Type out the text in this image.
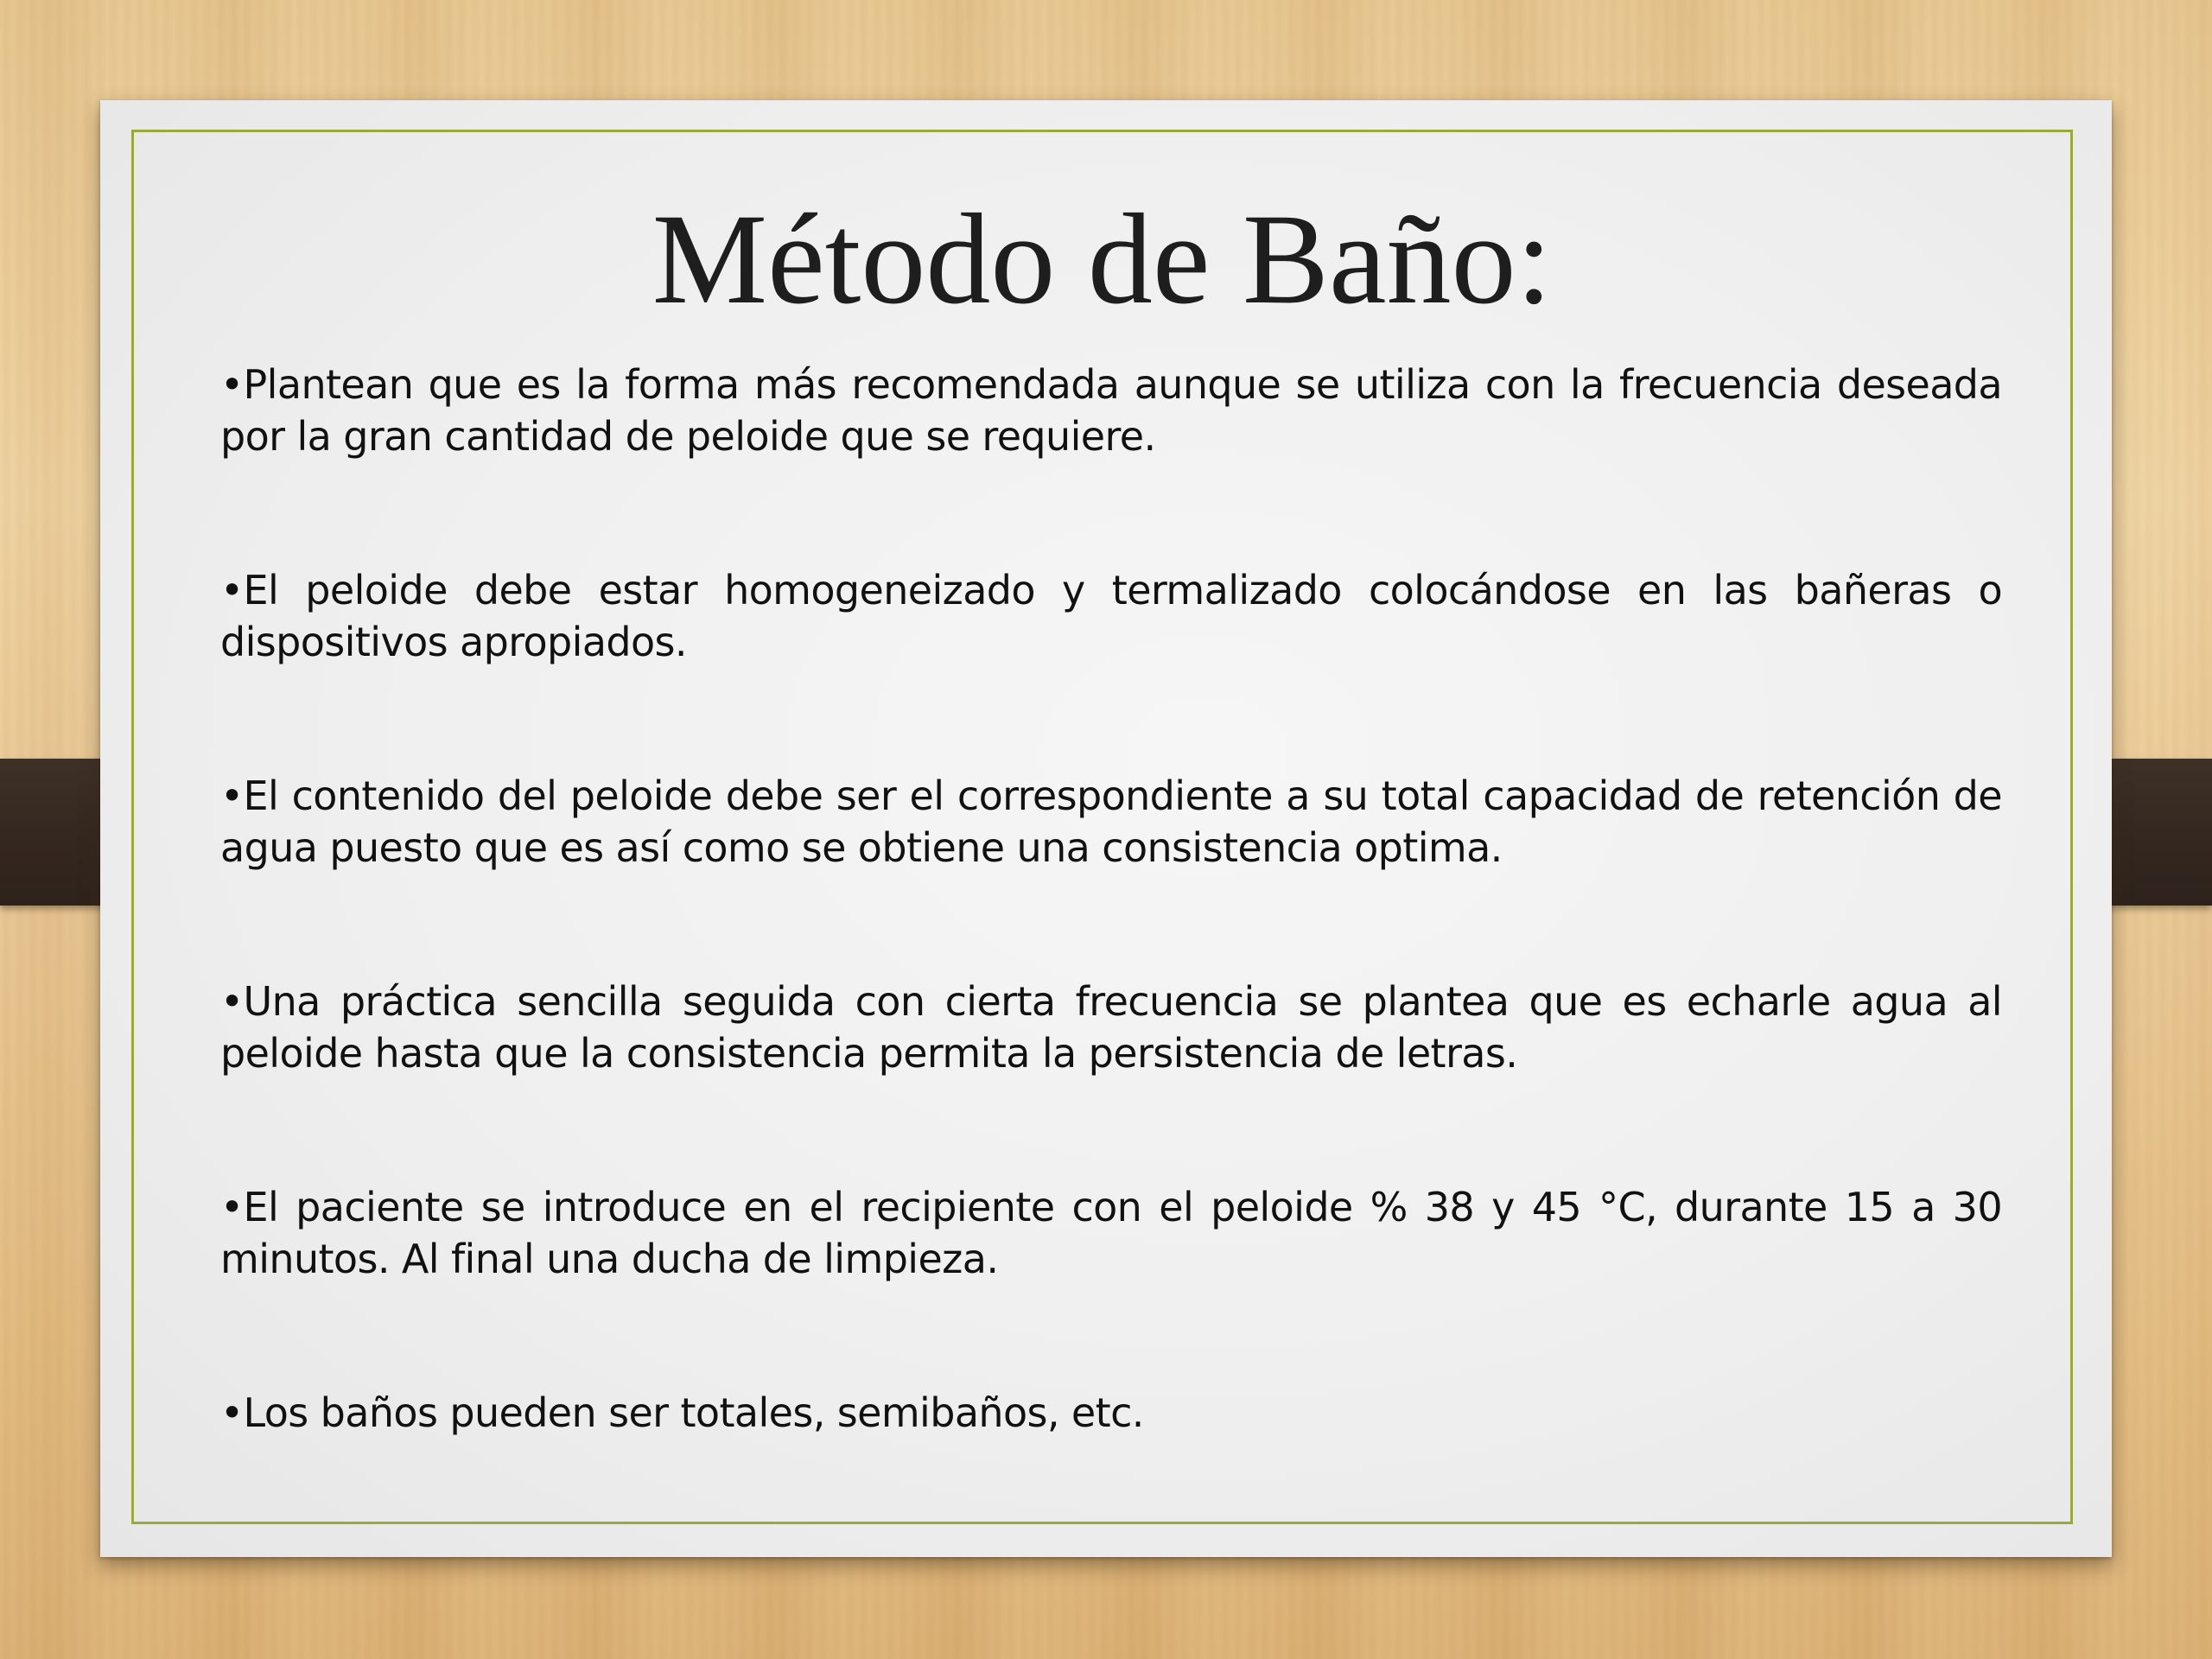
Método de Baño:
•Plantean que es la forma más recomendada aunque se utiliza con la frecuencia deseada por la gran cantidad de peloide que se requiere.
•El peloide debe estar homogeneizado y termalizado colocándose en las bañeras o dispositivos apropiados.
•El contenido del peloide debe ser el correspondiente a su total capacidad de retención de agua puesto que es así como se obtiene una consistencia optima.
•Una práctica sencilla seguida con cierta frecuencia se plantea que es echarle agua al peloide hasta que la consistencia permita la persistencia de letras.
•El paciente se introduce en el recipiente con el peloide % 38 y 45 °C, durante 15 a 30 minutos. Al final una ducha de limpieza.
•Los baños pueden ser totales, semibaños, etc.
